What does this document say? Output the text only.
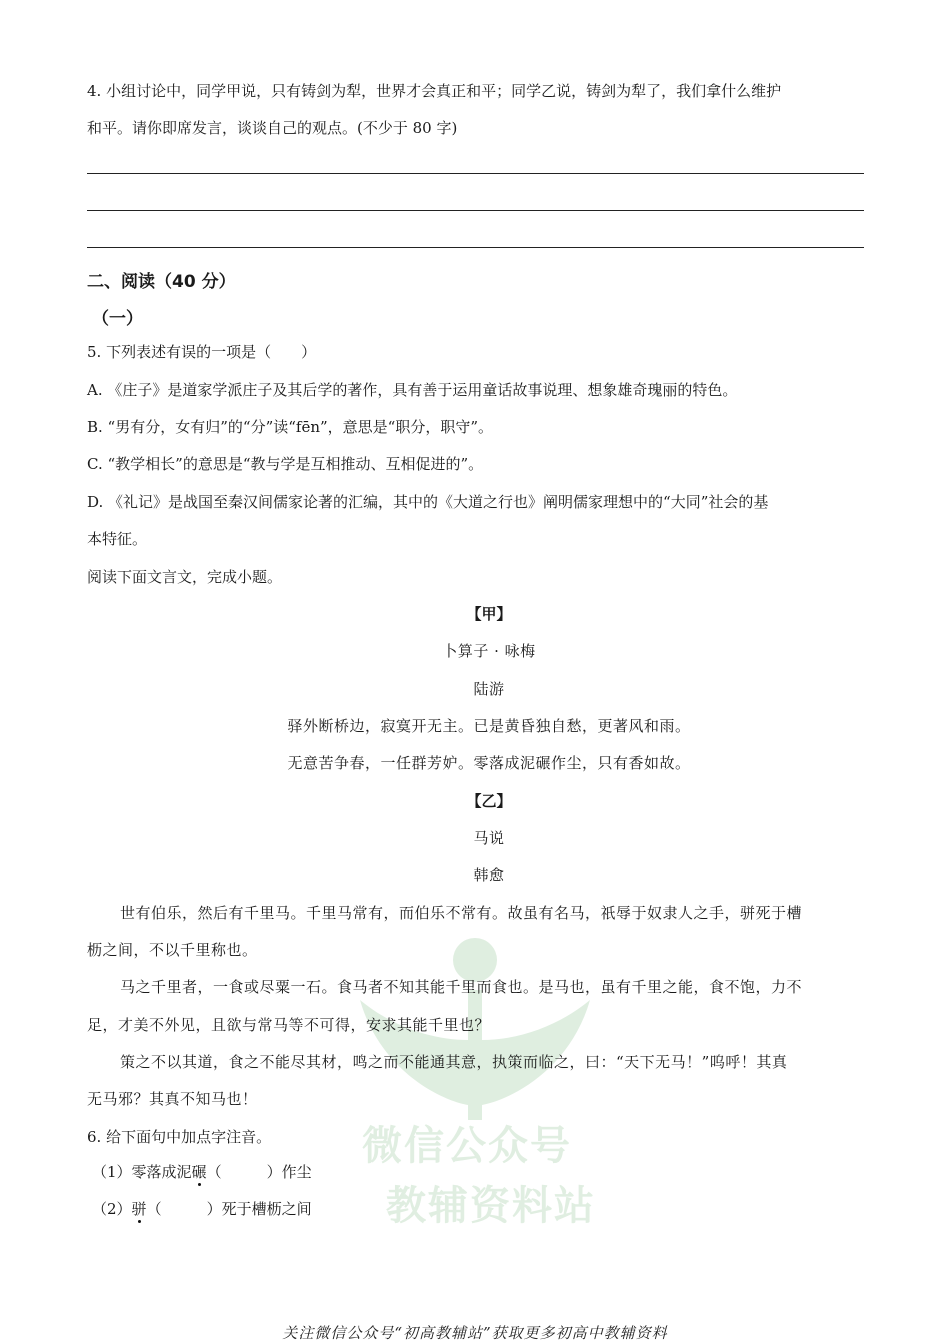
微信公众号
教辅资料站
4. 小组讨论中，同学甲说，只有铸剑为犁，世界才会真正和平；同学乙说，铸剑为犁了，我们拿什么维护
和平。请你即席发言，谈谈自己的观点。(不少于 80 字)
二、阅读（40 分）
（一）
5. 下列表述有误的一项是（　　）
A. 《庄子》是道家学派庄子及其后学的著作，具有善于运用童话故事说理、想象雄奇瑰丽的特色。
B. “男有分，女有归”的“分”读“fēn”，意思是“职分，职守”。
C. “教学相长”的意思是“教与学是互相推动、互相促进的”。
D. 《礼记》是战国至秦汉间儒家论著的汇编，其中的《大道之行也》阐明儒家理想中的“大同”社会的基
本特征。
阅读下面文言文，完成小题。
【甲】
卜算子 · 咏梅
陆游
驿外断桥边，寂寞开无主。已是黄昏独自愁，更著风和雨。
无意苦争春，一任群芳妒。零落成泥碾作尘，只有香如故。
【乙】
马说
韩愈
世有伯乐，然后有千里马。千里马常有，而伯乐不常有。故虽有名马，祇辱于奴隶人之手，骈死于槽
枥之间，不以千里称也。
马之千里者，一食或尽粟一石。食马者不知其能千里而食也。是马也，虽有千里之能，食不饱，力不
足，才美不外见，且欲与常马等不可得，安求其能千里也？
策之不以其道，食之不能尽其材，鸣之而不能通其意，执策而临之，曰：“天下无马！”呜呼！其真
无马邪？其真不知马也！
6. 给下面句中加点字注音。
（1）零落成泥碾（　　　）作尘
（2）骈（　　　）死于槽枥之间
关注微信公众号“初高教辅站”获取更多初高中教辅资料
